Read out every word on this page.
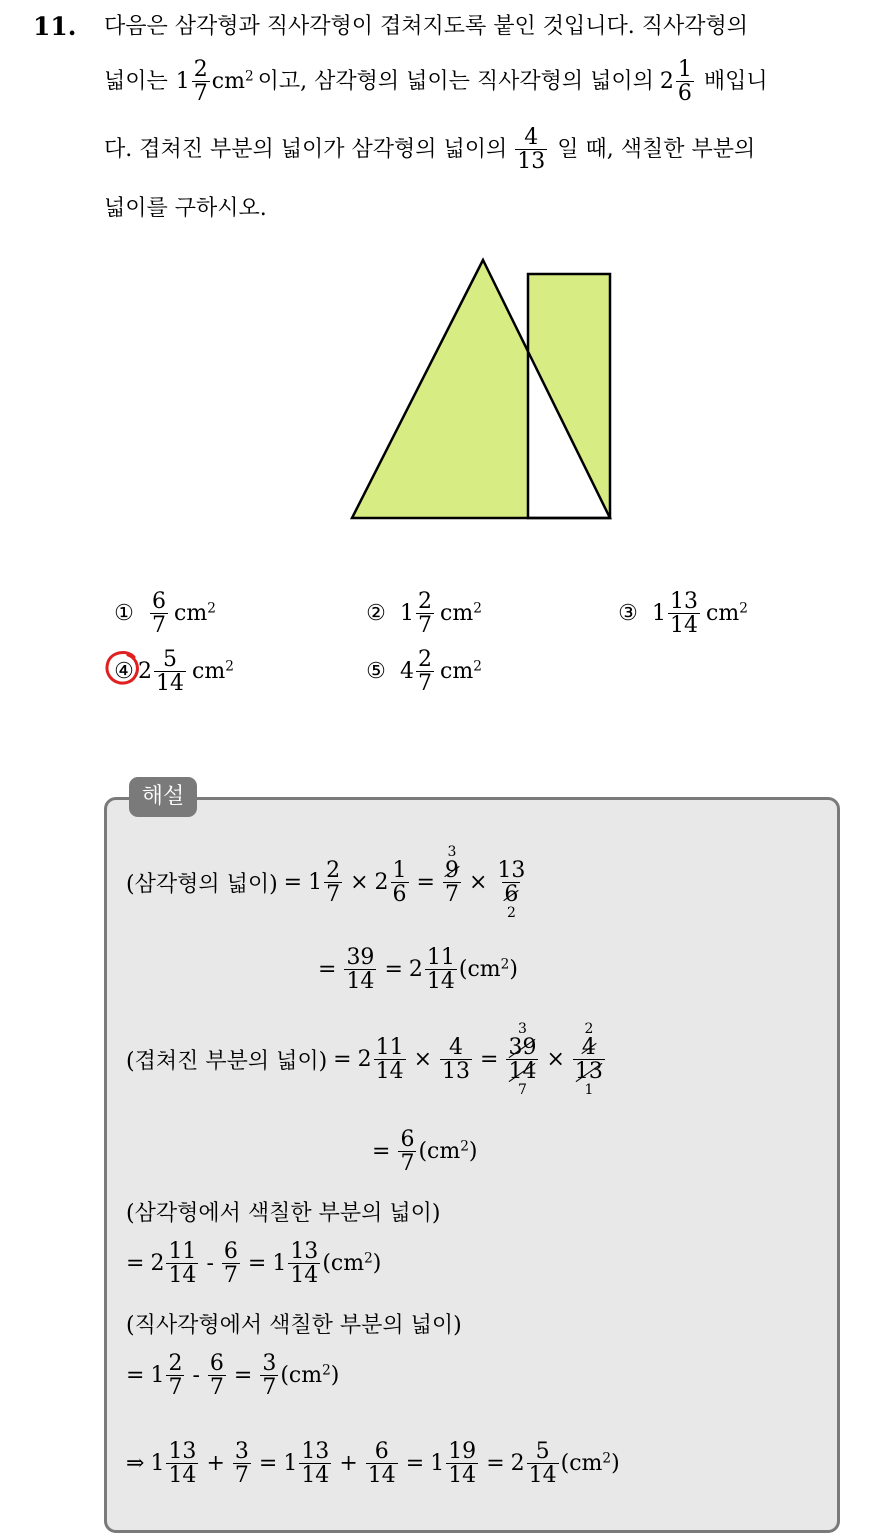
11. 다음은 삼각형과 직사각형이 겹쳐지도록 붙인 것입니다. 직사각형의
넓이는 $1 \frac{2}{7} cm^2$ 이고, 삼각형의 넓이는 직사각형의 넓이의 $2 \frac{1}{6}$ 배입니
다. 겹쳐진 부분의 넓이가 삼각형의 넓이의 $\frac{4}{13}$ 일 때, 색칠한 부분의
넓이를 구하시오.
① $\frac{6}{7} cm^2$	② $1 \frac{2}{7} cm^2$	③ $1 \frac{13}{14} cm^2$
④ $2 \frac{5}{14} cm^2$	⑤ $4 \frac{2}{7} cm^2$
해설
(삼각형의 넓이) = $1 \frac{2}{7} \times 2 \frac{1}{6}$ =
3
$\frac{9}{7}$
×
$\frac{13}{6}$
2
= $\frac{39}{14} = 2 \frac{11}{14} (cm^2)$
(겹쳐진 부분의 넓이) = $2 \frac{11}{14} \times \frac{4}{13}$ =
3
$\frac{39}{14}$
7
×
2
$\frac{4}{13}$
1
= $\frac{6}{7} (cm^2)$
(삼각형에서 색칠한 부분의 넓이)
= $2 \frac{11}{14} - \frac{6}{7} = 1 \frac{13}{14} (cm^2)$
(직사각형에서 색칠한 부분의 넓이)
= $1 \frac{2}{7} - \frac{6}{7} = \frac{3}{7} (cm^2)$
⇒ $1 \frac{13}{14} + \frac{3}{7} = 1 \frac{13}{14} + \frac{6}{14} = 1 \frac{19}{14} = 2 \frac{5}{14} (cm^2)$
